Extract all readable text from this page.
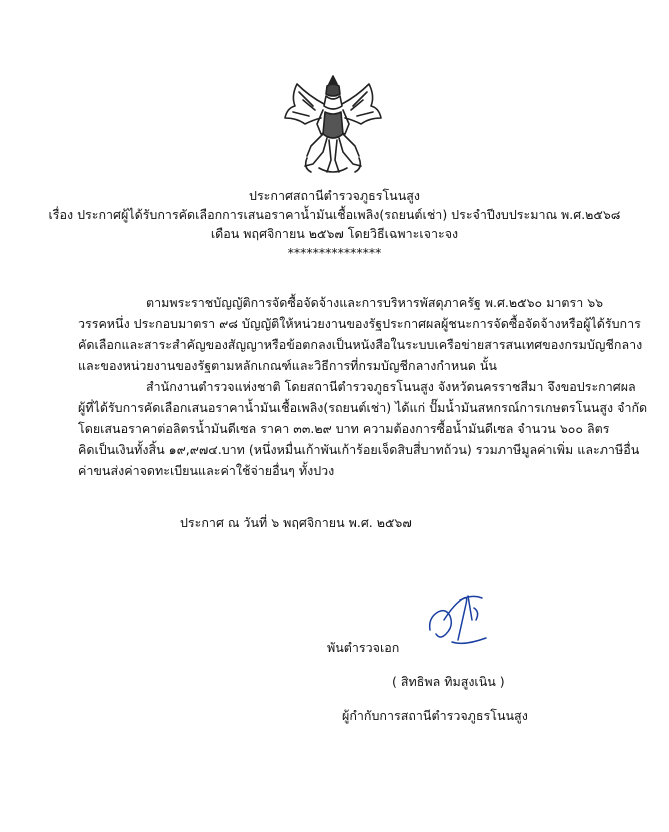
ประกาศสถานีตำรวจภูธรโนนสูง
เรื่อง ประกาศผู้ได้รับการคัดเลือกการเสนอราคาน้ำมันเชื้อเพลิง(รถยนต์เช่า) ประจำปีงบประมาณ พ.ศ.๒๕๖๘
เดือน พฤศจิกายน ๒๕๖๗ โดยวิธีเฉพาะเจาะจง
***************
ตามพระราชบัญญัติการจัดซื้อจัดจ้างและการบริหารพัสดุภาครัฐ พ.ศ.๒๕๖๐ มาตรา ๖๖
วรรคหนึ่ง ประกอบมาตรา ๙๘ บัญญัติให้หน่วยงานของรัฐประกาศผลผู้ชนะการจัดซื้อจัดจ้างหรือผู้ได้รับการ
คัดเลือกและสาระสำคัญของสัญญาหรือข้อตกลงเป็นหนังสือในระบบเครือข่ายสารสนเทศของกรมบัญชีกลาง
และของหน่วยงานของรัฐตามหลักเกณฑ์และวิธีการที่กรมบัญชีกลางกำหนด นั้น
สำนักงานตำรวจแห่งชาติ โดยสถานีตำรวจภูธรโนนสูง จังหวัดนครราชสีมา จึงขอประกาศผล
ผู้ที่ได้รับการคัดเลือกเสนอราคาน้ำมันเชื้อเพลิง(รถยนต์เช่า) ได้แก่ ปั๊มน้ำมันสหกรณ์การเกษตรโนนสูง จำกัด
โดยเสนอราคาต่อลิตรน้ำมันดีเซล ราคา ๓๓.๒๙ บาท ความต้องการซื้อน้ำมันดีเซล จำนวน ๖๐๐ ลิตร
คิดเป็นเงินทั้งสิ้น ๑๙,๙๗๔.บาท (หนึ่งหมื่นเก้าพันเก้าร้อยเจ็ดสิบสี่บาทถ้วน) รวมภาษีมูลค่าเพิ่ม และภาษีอื่น
ค่าขนส่งค่าจดทะเบียนและค่าใช้จ่ายอื่นๆ ทั้งปวง
ประกาศ ณ วันที่ ๖ พฤศจิกายน พ.ศ. ๒๕๖๗
พันตำรวจเอก
( สิทธิพล ทิมสูงเนิน )
ผู้กำกับการสถานีตำรวจภูธรโนนสูง
